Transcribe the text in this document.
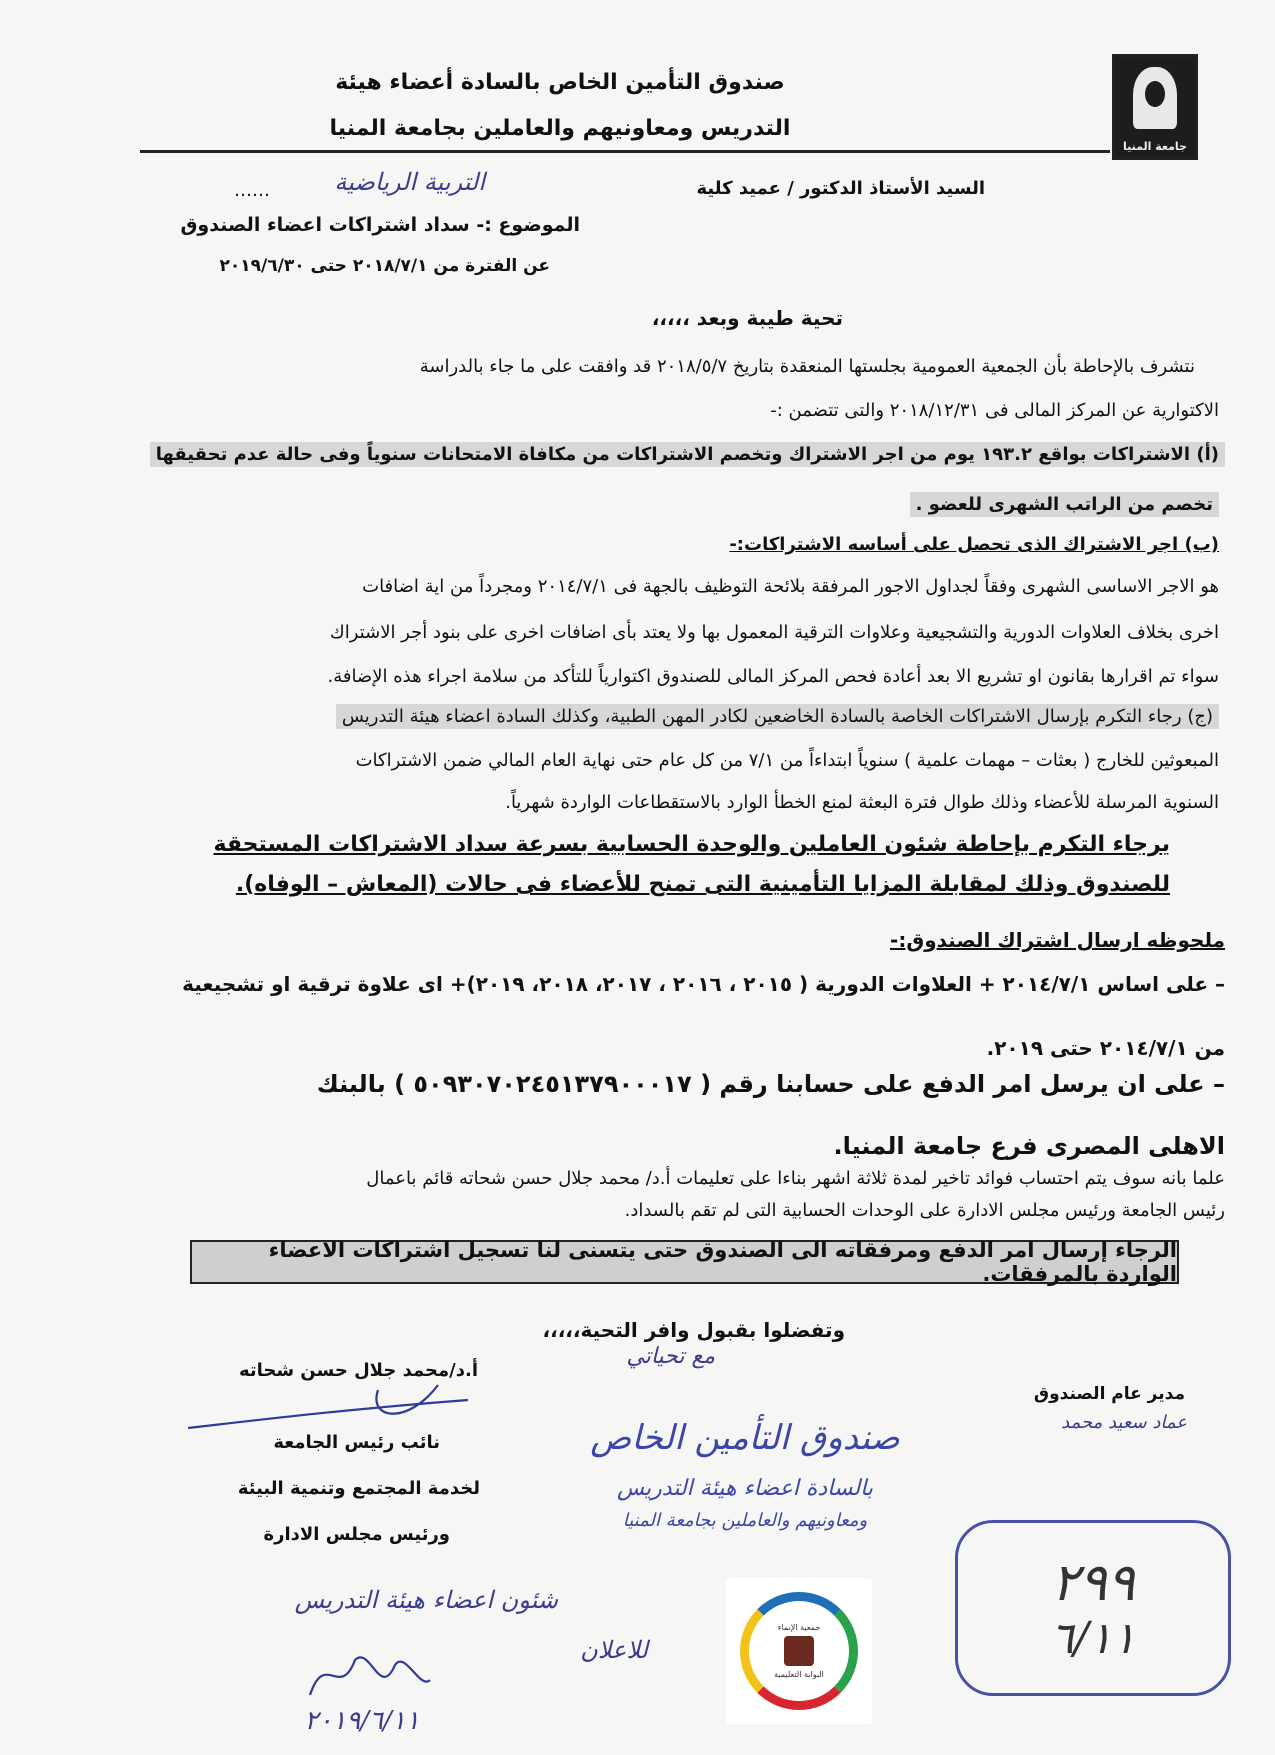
جامعة المنيا
صندوق التأمين الخاص بالسادة أعضاء هيئة
التدريس ومعاونيهم والعاملين بجامعة المنيا
السيد الأستاذ الدكتور / عميد كلية
التربية الرياضية
……
الموضوع :- سداد اشتراكات اعضاء الصندوق
عن الفترة من ٢٠١٨/٧/١ حتى ٢٠١٩/٦/٣٠
تحية طيبة وبعد ،،،،،
نتشرف بالإحاطة بأن الجمعية العمومية بجلستها المنعقدة بتاريخ ٢٠١٨/٥/٧ قد وافقت على ما جاء بالدراسة
الاكتوارية عن المركز المالى فى ٢٠١٨/١٢/٣١ والتى تتضمن :-
(أ) الاشتراكات بواقع ١٩٣.٢ يوم من اجر الاشتراك وتخصم الاشتراكات من مكافاة الامتحانات سنوياً وفى حالة عدم تحقيقها
تخصم من الراتب الشهرى للعضو .
(ب) اجر الاشتراك الذى تحصل على أساسه الاشتراكات:-
هو الاجر الاساسى الشهرى وفقاً لجداول الاجور المرفقة بلائحة التوظيف بالجهة فى ٢٠١٤/٧/١ ومجرداً من اية اضافات
اخرى بخلاف العلاوات الدورية والتشجيعية وعلاوات الترقية المعمول بها ولا يعتد بأى اضافات اخرى على بنود أجر الاشتراك
سواء تم اقرارها بقانون او تشريع الا بعد أعادة فحص المركز المالى للصندوق اكتوارياً للتأكد من سلامة اجراء هذه الإضافة.
(ج) رجاء التكرم بإرسال الاشتراكات الخاصة بالسادة الخاضعين لكادر المهن الطبية، وكذلك السادة اعضاء هيئة التدريس
المبعوثين للخارج ( بعثات – مهمات علمية ) سنوياً ابتداءاً من ٧/١ من كل عام حتى نهاية العام المالي ضمن الاشتراكات
السنوية المرسلة للأعضاء وذلك طوال فترة البعثة لمنع الخطأ الوارد بالاستقطاعات الواردة شهرياً.
يرجاء التكرم بإحاطة شئون العاملين والوحدة الحسابية بسرعة سداد الاشتراكات المستحقة
للصندوق وذلك لمقابلة المزايا التأمينية التى تمنح للأعضاء فى حالات (المعاش – الوفاه).
ملحوظه ارسال اشتراك الصندوق:-
– على اساس ٢٠١٤/٧/١ + العلاوات الدورية ( ٢٠١٥ ، ٢٠١٦ ، ٢٠١٧، ٢٠١٨، ٢٠١٩)+ اى علاوة ترقية او تشجيعية
من ٢٠١٤/٧/١ حتى ٢٠١٩.
– على ان يرسل امر الدفع على حسابنا رقم ( ٥٠٩٣٠٧٠٢٤٥١٣٧٩٠٠٠١٧ ) بالبنك
الاهلى المصرى فرع جامعة المنيا.
علما بانه سوف يتم احتساب فوائد تاخير لمدة ثلاثة اشهر بناءا على تعليمات أ.د/ محمد جلال حسن شحاته قائم باعمال
رئيس الجامعة ورئيس مجلس الادارة على الوحدات الحسابية التى لم تقم بالسداد.
الرجاء إرسال امر الدفع ومرفقاته الى الصندوق حتى يتسنى لنا تسجيل اشتراكات الاعضاء الواردة بالمرفقات.
وتفضلوا بقبول وافر التحية،،،،،
مع تحياتي
أ.د/محمد جلال حسن شحاته
نائب رئيس الجامعة
لخدمة المجتمع وتنمية البيئة
ورئيس مجلس الادارة
مدير عام الصندوق
عماد سعيد محمد
صندوق التأمين الخاص
بالسادة اعضاء هيئة التدريس
ومعاونيهم والعاملين بجامعة المنيا
٢٩٩
٦/١١
شئون اعضاء هيئة التدريس
للاعلان
٢٠١٩/٦/١١
جمعية الإنماء
البوابة التعليمية
